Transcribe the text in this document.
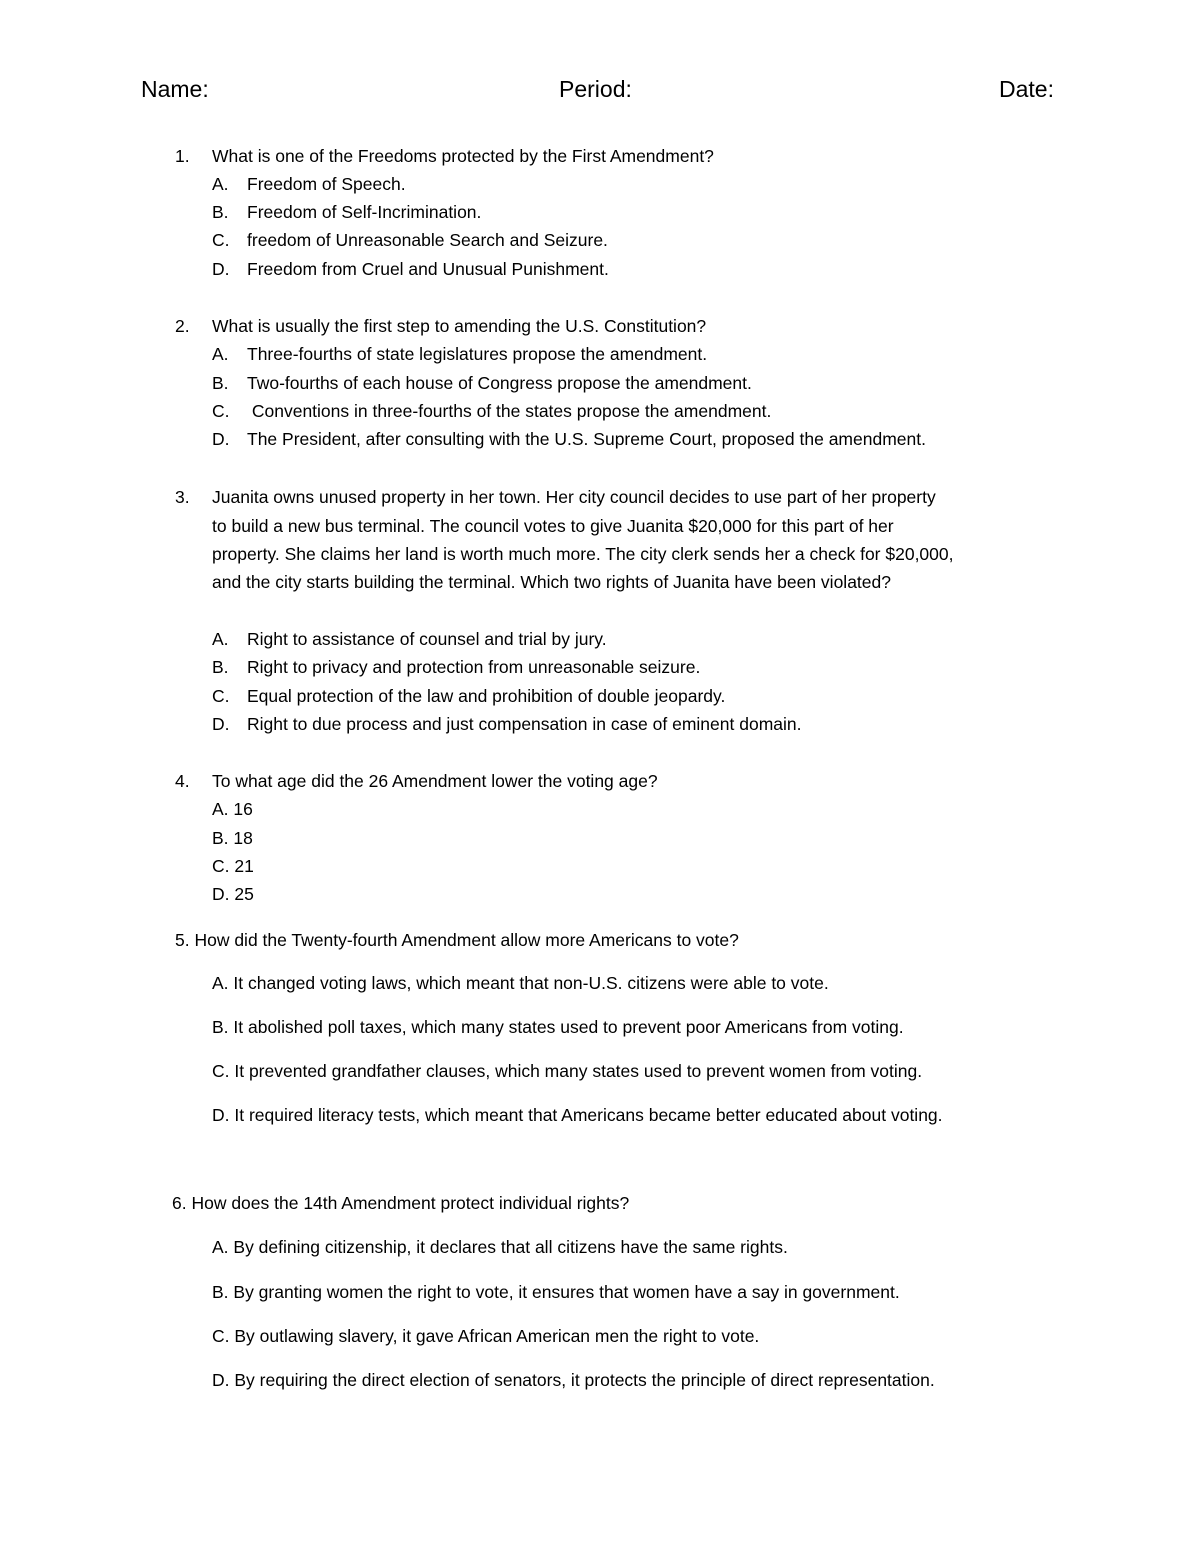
Name:	Period:	Date:
1. What is one of the Freedoms protected by the First Amendment?
A. Freedom of Speech.
B. Freedom of Self-Incrimination.
C. freedom of Unreasonable Search and Seizure.
D. Freedom from Cruel and Unusual Punishment.
2. What is usually the first step to amending the U.S. Constitution?
A. Three-fourths of state legislatures propose the amendment.
B. Two-fourths of each house of Congress propose the amendment.
C. Conventions in three-fourths of the states propose the amendment.
D. The President, after consulting with the U.S. Supreme Court, proposed the amendment.
3. Juanita owns unused property in her town. Her city council decides to use part of her property
to build a new bus terminal. The council votes to give Juanita $20,000 for this part of her
property. She claims her land is worth much more. The city clerk sends her a check for $20,000,
and the city starts building the terminal. Which two rights of Juanita have been violated?
A. Right to assistance of counsel and trial by jury.
B. Right to privacy and protection from unreasonable seizure.
C. Equal protection of the law and prohibition of double jeopardy.
D. Right to due process and just compensation in case of eminent domain.
4. To what age did the 26 Amendment lower the voting age?
A. 16
B. 18
C. 21
D. 25
5. How did the Twenty-fourth Amendment allow more Americans to vote?
A. It changed voting laws, which meant that non-U.S. citizens were able to vote.
B. It abolished poll taxes, which many states used to prevent poor Americans from voting.
C. It prevented grandfather clauses, which many states used to prevent women from voting.
D. It required literacy tests, which meant that Americans became better educated about voting.
6. How does the 14th Amendment protect individual rights?
A. By defining citizenship, it declares that all citizens have the same rights.
B. By granting women the right to vote, it ensures that women have a say in government.
C. By outlawing slavery, it gave African American men the right to vote.
D. By requiring the direct election of senators, it protects the principle of direct representation.
